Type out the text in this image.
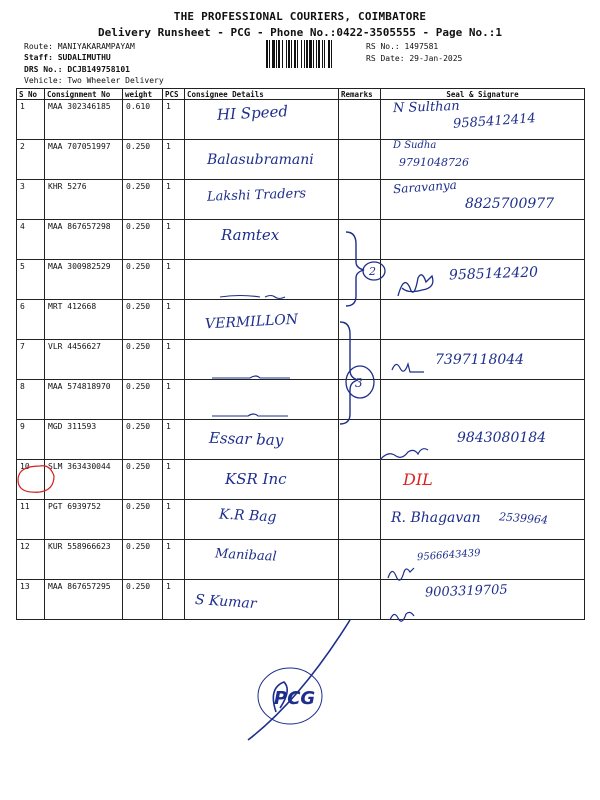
THE PROFESSIONAL COURIERS, COIMBATORE
Delivery Runsheet - PCG - Phone No.:0422-3505555 - Page No.:1
Route: MANIYAKARAMPAYAM
Staff: SUDALIMUTHU
DRS No.: DCJB149758101
Vehicle: Two Wheeler Delivery
RS No.: 1497581
RS Date: 29-Jan-2025
S No	Consignment No	weight	PCS	Consignee Details	Remarks	Seal & Signature
1	MAA 302346185	0.610	1	HI Speed		N Sulthan
9585412414

2	MAA 707051997	0.250	1	Balasubramani		D Sudha
9791048726

3	KHR 5276	0.250	1	Lakshi Traders		Saravanya
8825700977

4	MAA 867657298	0.250	1	Ramtex		

5	MAA 300982529	0.250	1			9585142420

6	MRT 412668	0.250	1	VERMILLON		

7	VLR 4456627	0.250	1			7397118044

8	MAA 574818970	0.250	1	

9	MGD 311593	0.250	1	Essar bay		9843080184

10	SLM 363430044	0.250	1	KSR Inc		DIL

11	PGT 6939752	0.250	1	K.R Bag		R. Bhagavan 2539964

12	KUR 558966623	0.250	1	Manibaal		9566643439

13	MAA 867657295	0.250	1	S Kumar		9003319705
2
3
PCG
